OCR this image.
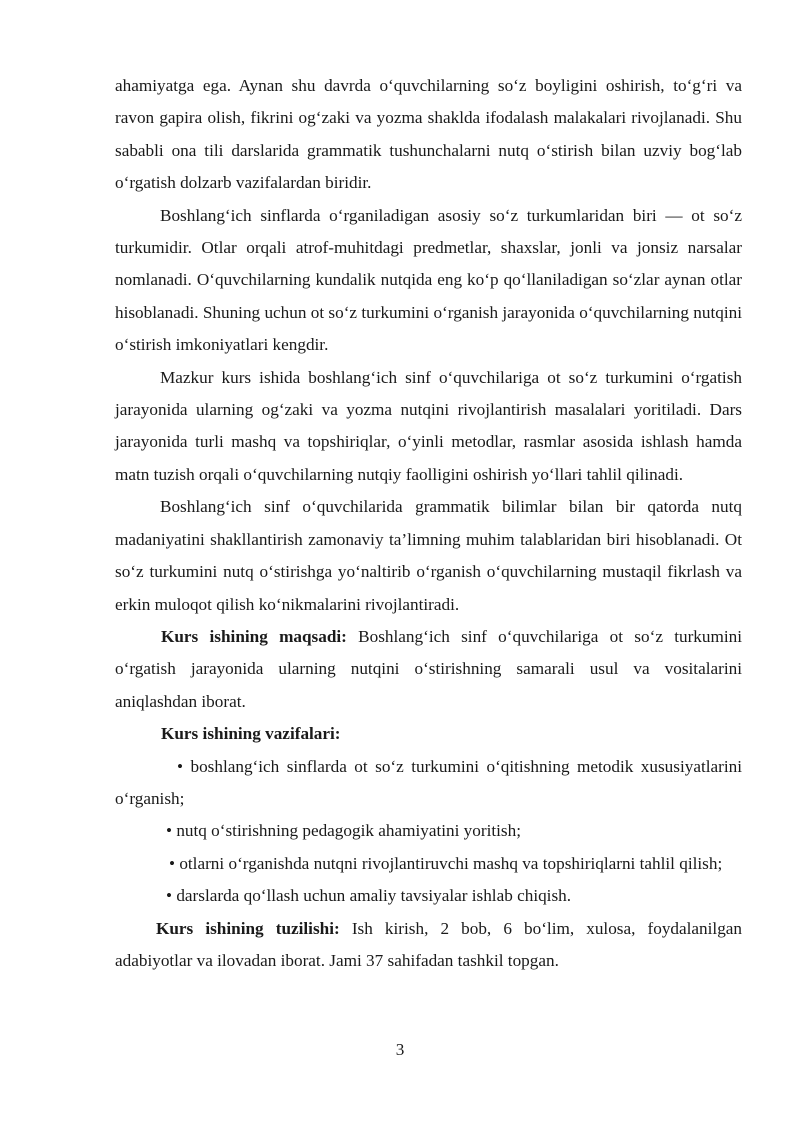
ahamiyatga ega. Aynan shu davrda o‘quvchilarning so‘z boyligini oshirish, to‘g‘ri va ravon gapira olish, fikrini og‘zaki va yozma shaklda ifodalash malakalari rivojlanadi. Shu sababli ona tili darslarida grammatik tushunchalarni nutq o‘stirish bilan uzviy bog‘lab o‘rgatish dolzarb vazifalardan biridir.

Boshlang‘ich sinflarda o‘rganiladigan asosiy so‘z turkumlaridan biri — ot so‘z turkumidir. Otlar orqali atrof-muhitdagi predmetlar, shaxslar, jonli va jonsiz narsalar nomlanadi. O‘quvchilarning kundalik nutqida eng ko‘p qo‘llaniladigan so‘zlar aynan otlar hisoblanadi. Shuning uchun ot so‘z turkumini o‘rganish jarayonida o‘quvchilarning nutqini o‘stirish imkoniyatlari kengdir.

Mazkur kurs ishida boshlang‘ich sinf o‘quvchilariga ot so‘z turkumini o‘rgatish jarayonida ularning og‘zaki va yozma nutqini rivojlantirish masalalari yoritiladi. Dars jarayonida turli mashq va topshiriqlar, o‘yinli metodlar, rasmlar asosida ishlash hamda matn tuzish orqali o‘quvchilarning nutqiy faolligini oshirish yo‘llari tahlil qilinadi.

Boshlang‘ich sinf o‘quvchilarida grammatik bilimlar bilan bir qatorda nutq madaniyatini shakllantirish zamonaviy ta’limning muhim talablaridan biri hisoblanadi. Ot so‘z turkumini nutq o‘stirishga yo‘naltirib o‘rganish o‘quvchilarning mustaqil fikrlash va erkin muloqot qilish ko‘nikmalarini rivojlantiradi.

Kurs ishining maqsadi: Boshlang‘ich sinf o‘quvchilariga ot so‘z turkumini o‘rgatish jarayonida ularning nutqini o‘stirishning samarali usul va vositalarini aniqlashdan iborat.

Kurs ishining vazifalari:

• boshlang‘ich sinflarda ot so‘z turkumini o‘qitishning metodik xususiyatlarini o‘rganish;

• nutq o‘stirishning pedagogik ahamiyatini yoritish;

• otlarni o‘rganishda nutqni rivojlantiruvchi mashq va topshiriqlarni tahlil qilish;

• darslarda qo‘llash uchun amaliy tavsiyalar ishlab chiqish.

Kurs ishining tuzilishi: Ish kirish, 2 bob, 6 bo‘lim, xulosa, foydalanilgan adabiyotlar va ilovadan iborat. Jami 37 sahifadan tashkil topgan.

3
